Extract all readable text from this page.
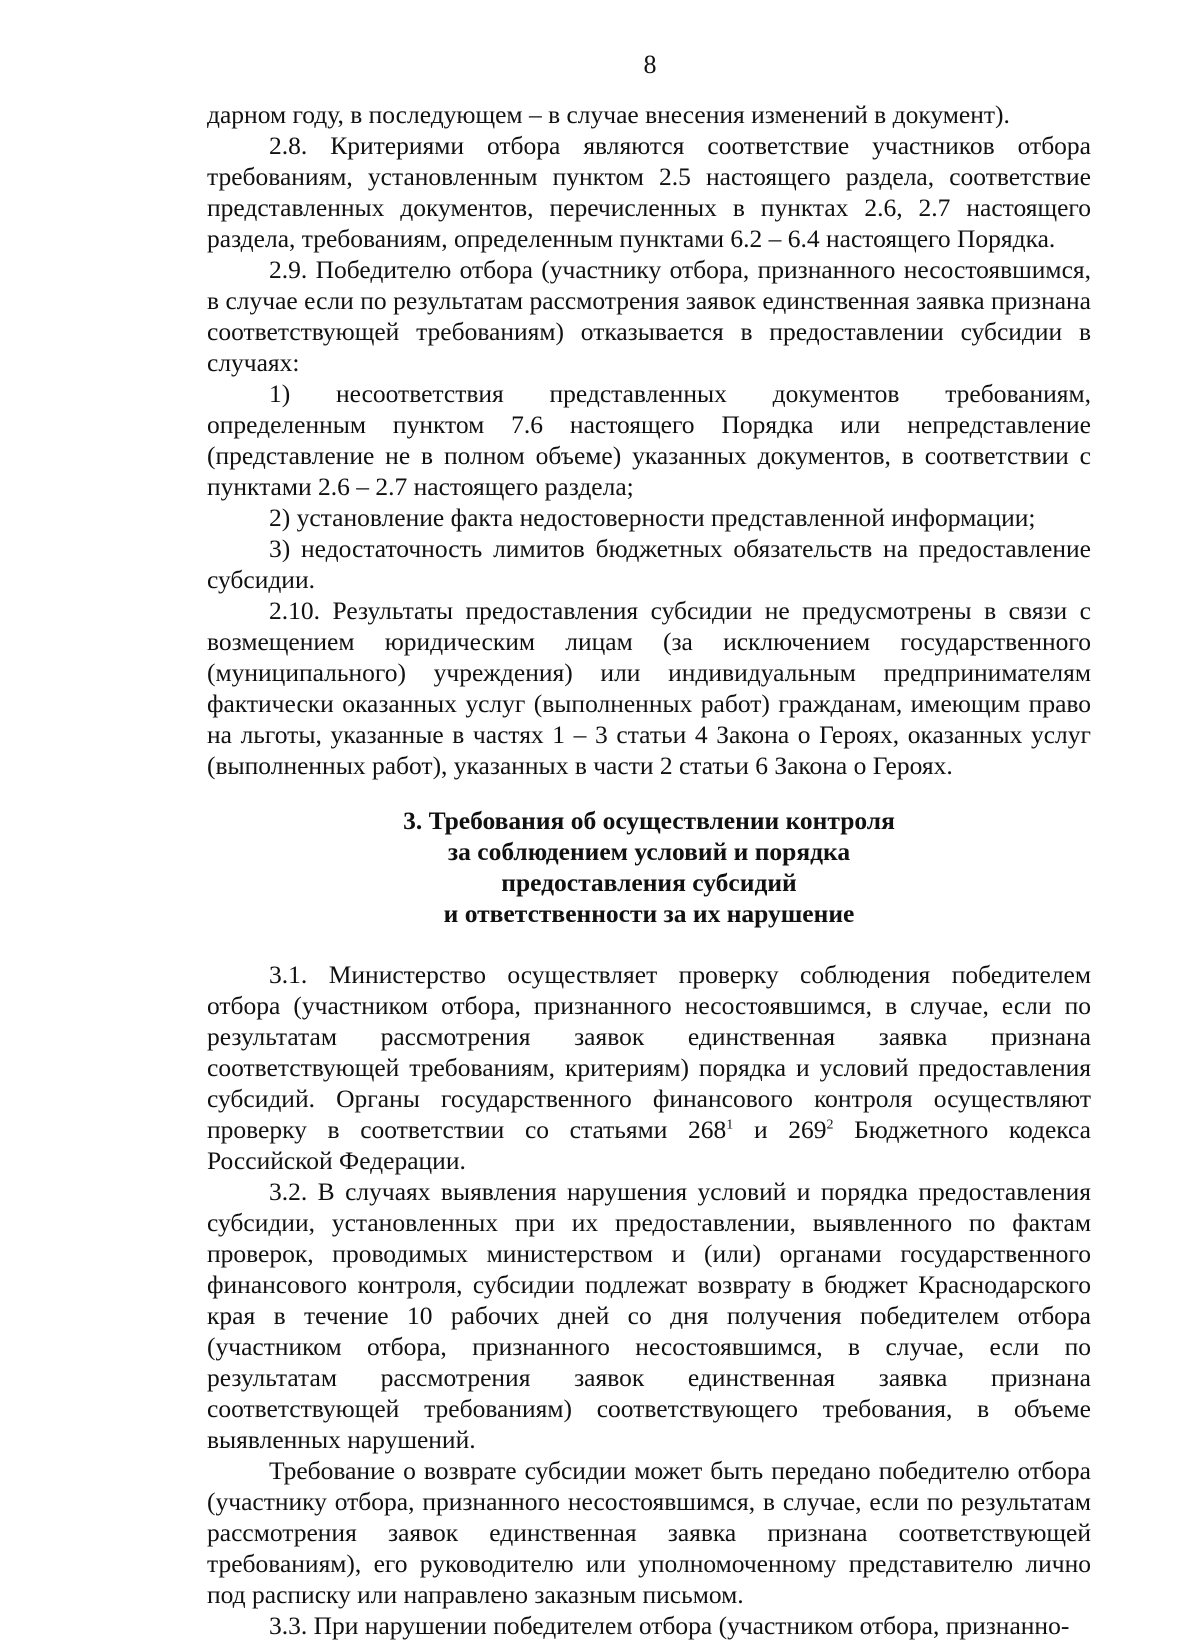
8

дарном году, в последующем – в случае внесения изменений в документ).

2.8. Критериями отбора являются соответствие участников отбора требованиям, установленным пунктом 2.5 настоящего раздела, соответствие представленных документов, перечисленных в пунктах 2.6, 2.7 настоящего раздела, требованиям, определенным пунктами 6.2 – 6.4 настоящего Порядка.

2.9. Победителю отбора (участнику отбора, признанного несостоявшимся, в случае если по результатам рассмотрения заявок единственная заявка признана соответствующей требованиям) отказывается в предоставлении субсидии в случаях:

1) несоответствия представленных документов требованиям, определенным пунктом 7.6 настоящего Порядка или непредставление (представление не в полном объеме) указанных документов, в соответствии с пунктами 2.6 – 2.7 настоящего раздела;

2) установление факта недостоверности представленной информации;

3) недостаточность лимитов бюджетных обязательств на предоставление субсидии.

2.10. Результаты предоставления субсидии не предусмотрены в связи с возмещением юридическим лицам (за исключением государственного (муниципального) учреждения) или индивидуальным предпринимателям фактически оказанных услуг (выполненных работ) гражданам, имеющим право на льготы, указанные в частях 1 – 3 статьи 4 Закона о Героях, оказанных услуг (выполненных работ), указанных в части 2 статьи 6 Закона о Героях.

3. Требования об осуществлении контроля
за соблюдением условий и порядка
предоставления субсидий
и ответственности за их нарушение

3.1. Министерство осуществляет проверку соблюдения победителем отбора (участником отбора, признанного несостоявшимся, в случае, если по результатам рассмотрения заявок единственная заявка признана соответствующей требованиям, критериям) порядка и условий предоставления субсидий. Органы государственного финансового контроля осуществляют проверку в соответствии со статьями $268^1$ и $269^2$ Бюджетного кодекса Российской Федерации.

3.2. В случаях выявления нарушения условий и порядка предоставления субсидии, установленных при их предоставлении, выявленного по фактам проверок, проводимых министерством и (или) органами государственного финансового контроля, субсидии подлежат возврату в бюджет Краснодарского края в течение 10 рабочих дней со дня получения победителем отбора (участником отбора, признанного несостоявшимся, в случае, если по результатам рассмотрения заявок единственная заявка признана соответствующей требованиям) соответствующего требования, в объеме выявленных нарушений.

Требование о возврате субсидии может быть передано победителю отбора (участнику отбора, признанного несостоявшимся, в случае, если по результатам рассмотрения заявок единственная заявка признана соответствующей требованиям), его руководителю или уполномоченному представителю лично под расписку или направлено заказным письмом.

3.3. При нарушении победителем отбора (участником отбора, признанно-
